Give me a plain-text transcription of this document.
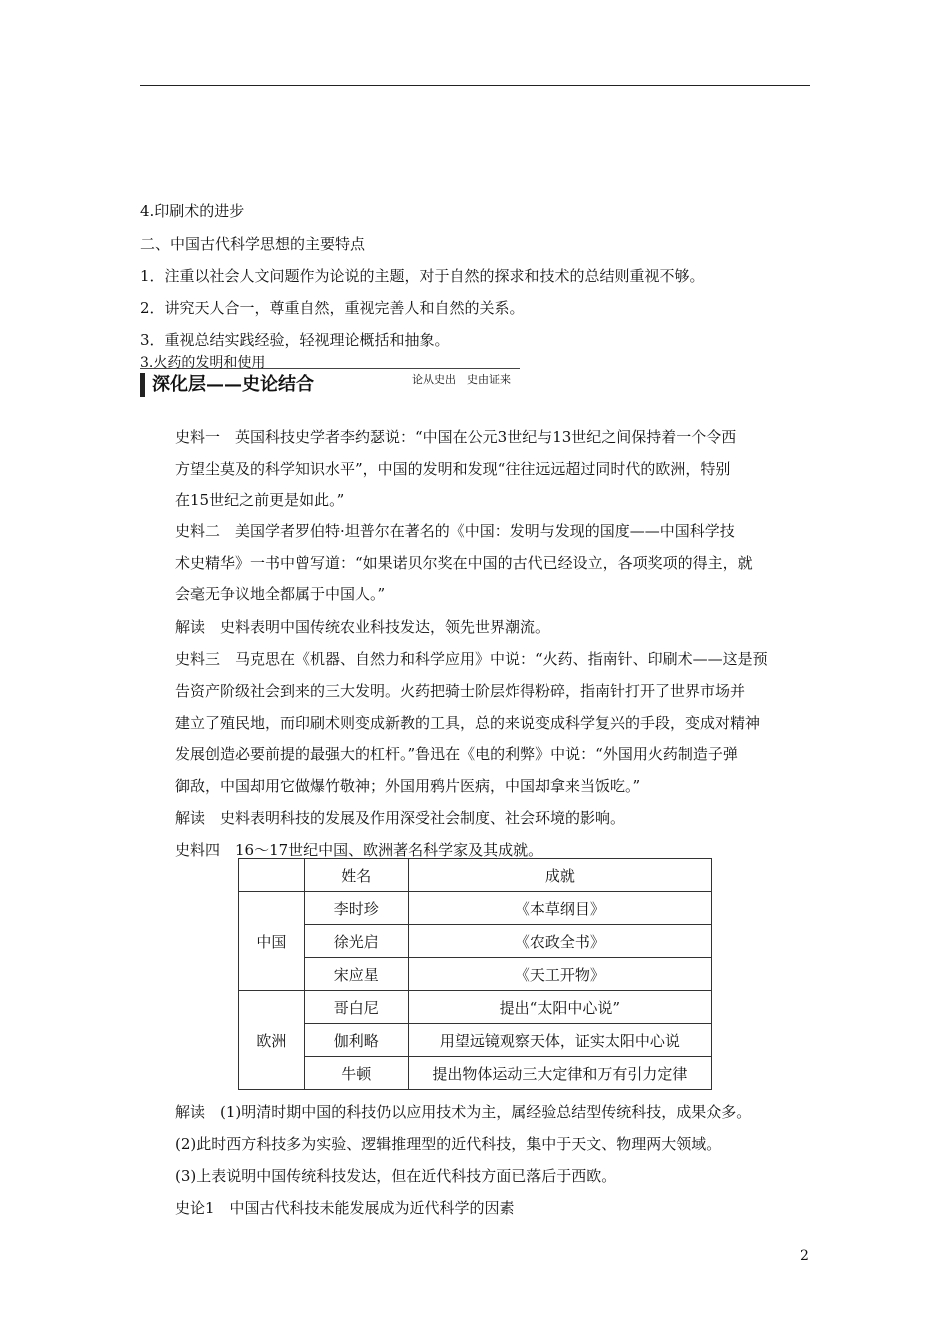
4.印刷术的进步
二、中国古代科学思想的主要特点
1．注重以社会人文问题作为论说的主题，对于自然的探求和技术的总结则重视不够。
2．讲究天人合一，尊重自然，重视完善人和自然的关系。
3．重视总结实践经验，轻视理论概括和抽象。
3.火药的发明和使用
深化层——史论结合	论从史出　史由证来
史料一　英国科技史学者李约瑟说：“中国在公元3世纪与13世纪之间保持着一个令西
方望尘莫及的科学知识水平”，中国的发明和发现“往往远远超过同时代的欧洲，特别
在15世纪之前更是如此。”
史料二　美国学者罗伯特·坦普尔在著名的《中国：发明与发现的国度——中国科学技
术史精华》一书中曾写道：“如果诺贝尔奖在中国的古代已经设立，各项奖项的得主，就
会毫无争议地全都属于中国人。”
解读　史料表明中国传统农业科技发达，领先世界潮流。
史料三　马克思在《机器、自然力和科学应用》中说：“火药、指南针、印刷术——这是预
告资产阶级社会到来的三大发明。火药把骑士阶层炸得粉碎，指南针打开了世界市场并
建立了殖民地，而印刷术则变成新教的工具，总的来说变成科学复兴的手段，变成对精神
发展创造必要前提的最强大的杠杆。”鲁迅在《电的利弊》中说：“外国用火药制造子弹
御敌，中国却用它做爆竹敬神；外国用鸦片医病，中国却拿来当饭吃。”
解读　史料表明科技的发展及作用深受社会制度、社会环境的影响。
史料四　16～17世纪中国、欧洲著名科学家及其成就。
	姓名	成就
中国	李时珍	《本草纲目》
	徐光启	《农政全书》
	宋应星	《天工开物》
欧洲	哥白尼	提出“太阳中心说”
	伽利略	用望远镜观察天体，证实太阳中心说
	牛顿	提出物体运动三大定律和万有引力定律
解读　(1)明清时期中国的科技仍以应用技术为主，属经验总结型传统科技，成果众多。
(2)此时西方科技多为实验、逻辑推理型的近代科技，集中于天文、物理两大领域。
(3)上表说明中国传统科技发达，但在近代科技方面已落后于西欧。
史论1　中国古代科技未能发展成为近代科学的因素
2
